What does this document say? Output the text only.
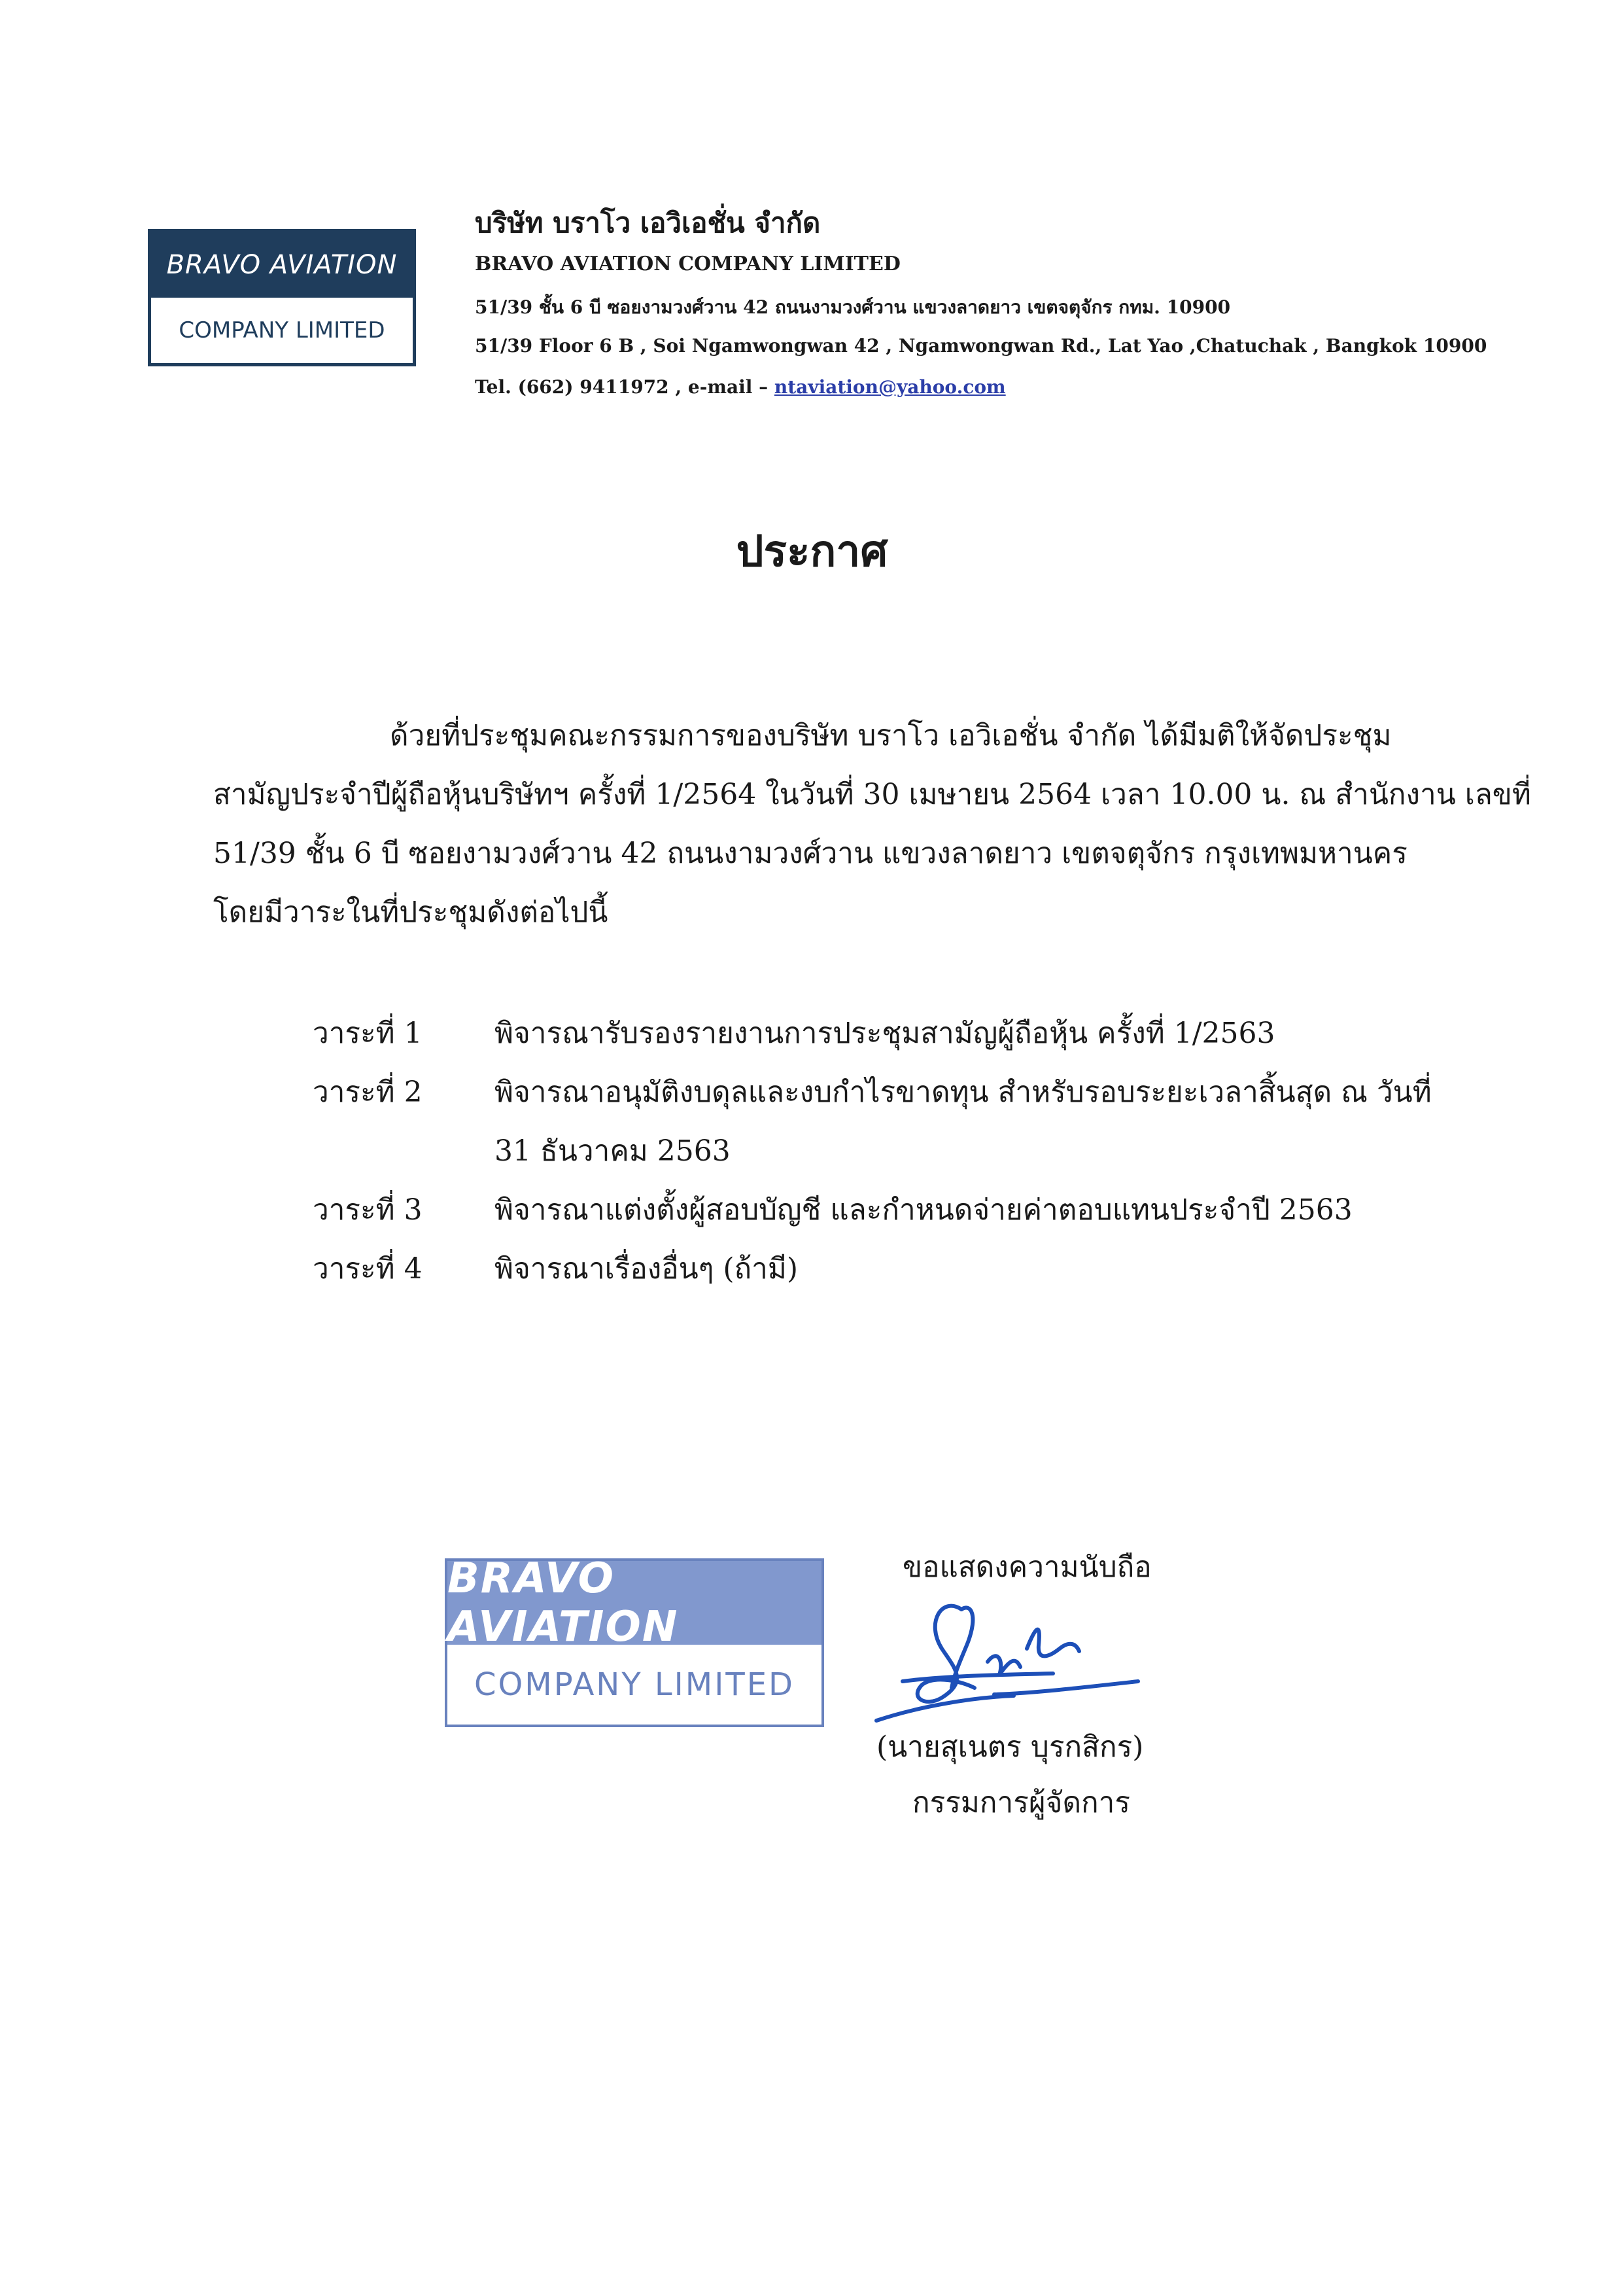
BRAVO AVIATION
COMPANY LIMITED
บริษัท บราโว เอวิเอชั่น จำกัด
BRAVO AVIATION COMPANY LIMITED
51/39 ชั้น 6 บี ซอยงามวงศ์วาน 42 ถนนงามวงศ์วาน แขวงลาดยาว เขตจตุจักร กทม. 10900
51/39 Floor 6 B , Soi Ngamwongwan 42 , Ngamwongwan Rd., Lat Yao ,Chatuchak , Bangkok 10900
Tel. (662) 9411972 , e-mail – ntaviation@yahoo.com
ประกาศ
ด้วยที่ประชุมคณะกรรมการของบริษัท บราโว เอวิเอชั่น จำกัด ได้มีมติให้จัดประชุม
สามัญประจำปีผู้ถือหุ้นบริษัทฯ ครั้งที่ 1/2564 ในวันที่ 30 เมษายน 2564 เวลา 10.00 น. ณ สำนักงาน เลขที่
51/39 ชั้น 6 บี ซอยงามวงศ์วาน 42 ถนนงามวงศ์วาน แขวงลาดยาว เขตจตุจักร กรุงเทพมหานคร
โดยมีวาระในที่ประชุมดังต่อไปนี้
วาระที่ 1	พิจารณารับรองรายงานการประชุมสามัญผู้ถือหุ้น ครั้งที่ 1/2563
วาระที่ 2	พิจารณาอนุมัติงบดุลและงบกำไรขาดทุน สำหรับรอบระยะเวลาสิ้นสุด ณ วันที่ 31 ธันวาคม 2563
วาระที่ 3	พิจารณาแต่งตั้งผู้สอบบัญชี และกำหนดจ่ายค่าตอบแทนประจำปี 2563
วาระที่ 4	พิจารณาเรื่องอื่นๆ (ถ้ามี)
BRAVO AVIATION
COMPANY LIMITED
ขอแสดงความนับถือ
(นายสุเนตร บุรกสิกร)
กรรมการผู้จัดการ
